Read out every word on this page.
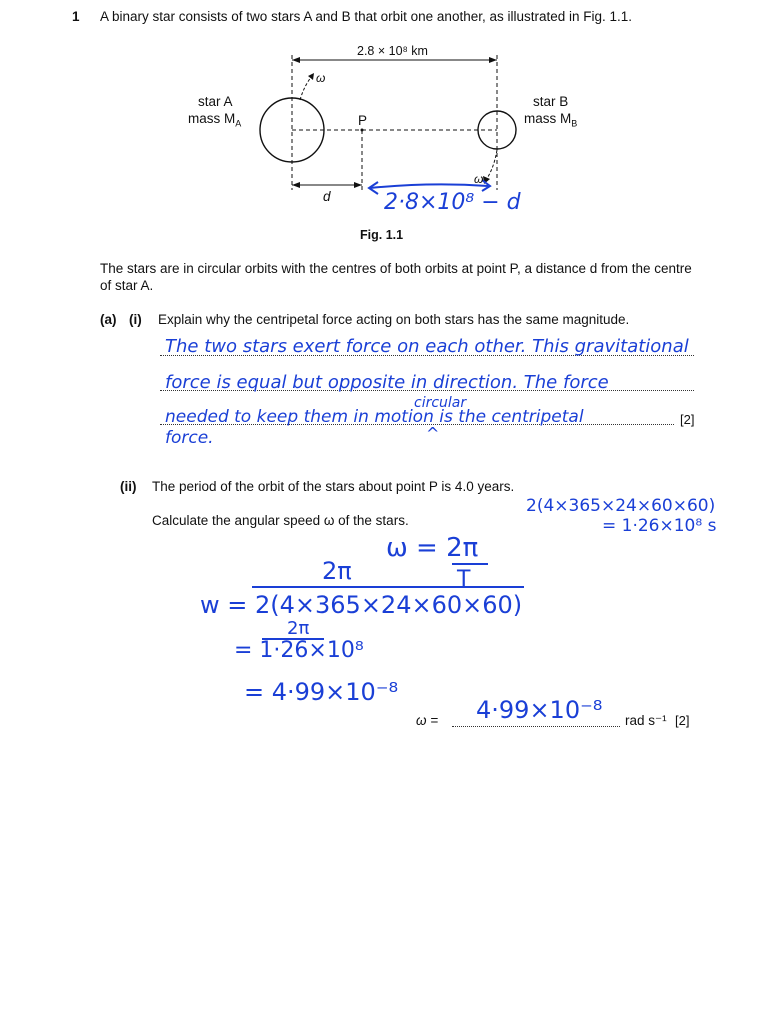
1 A binary star consists of two stars A and B that orbit one another, as illustrated in Fig. 1.1.
2.8 × 10⁸ km
star A
mass $M_A$
star B
mass $M_B$
P
ω
ω
d 2·8×10⁸ − d
Fig. 1.1
The stars are in circular orbits with the centres of both orbits at point P, a distance d from the centre of star A.
(a) (i) Explain why the centripetal force acting on both stars has the same magnitude.
[2]
The two stars exert force on each other. This gravitational
force is equal but opposite in direction. The force
circular
^
needed to keep them in motion is the centripetal
force.
(ii) The period of the orbit of the stars about point P is 4.0 years.
Calculate the angular speed ω of the stars.
2(4×365×24×60×60)
= 1·26×10⁸ s
ω = 2π
T
2π
w = 2(4×365×24×60×60)
2π
= 1·26×10⁸
= 4·99×10⁻⁸
ω = 4·99×10⁻⁸ rad s⁻¹ [2]
